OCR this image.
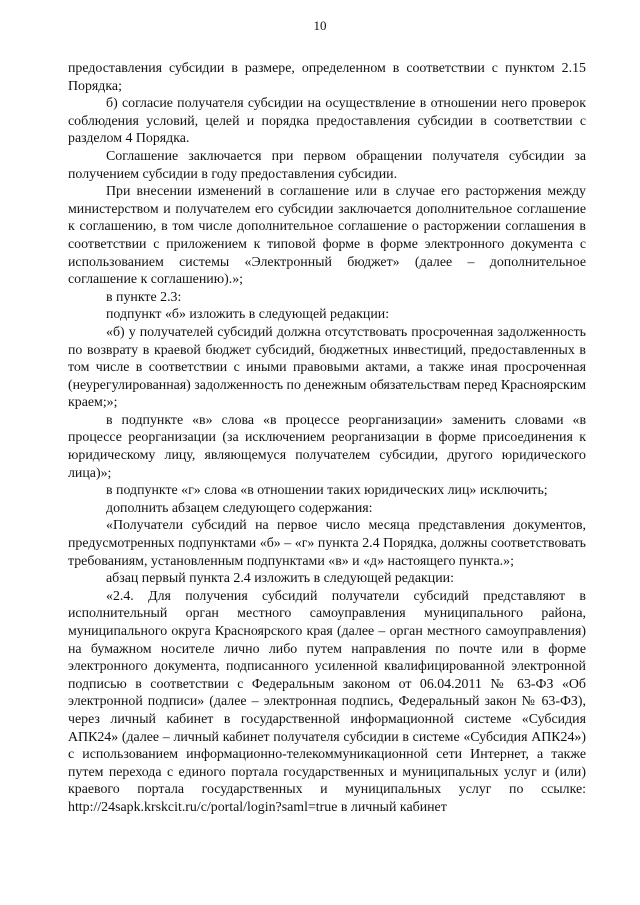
10

предоставления субсидии в размере, определенном в соответствии с пунктом 2.15 Порядка;

б) согласие получателя субсидии на осуществление в отношении него проверок соблюдения условий, целей и порядка предоставления субсидии в соответствии с разделом 4 Порядка.

Соглашение заключается при первом обращении получателя субсидии за получением субсидии в году предоставления субсидии.

При внесении изменений в соглашение или в случае его расторжения между министерством и получателем его субсидии заключается дополнительное соглашение к соглашению, в том числе дополнительное соглашение о расторжении соглашения в соответствии с приложением к типовой форме в форме электронного документа с использованием системы «Электронный бюджет» (далее – дополнительное соглашение к соглашению).»;

в пункте 2.3:

подпункт «б» изложить в следующей редакции:

«б) у получателей субсидий должна отсутствовать просроченная задолженность по возврату в краевой бюджет субсидий, бюджетных инвестиций, предоставленных в том числе в соответствии с иными правовыми актами, а также иная просроченная (неурегулированная) задолженность по денежным обязательствам перед Красноярским краем;»;

в подпункте «в» слова «в процессе реорганизации» заменить словами «в процессе реорганизации (за исключением реорганизации в форме присоединения к юридическому лицу, являющемуся получателем субсидии, другого юридического лица)»;

в подпункте «г» слова «в отношении таких юридических лиц» исключить;

дополнить абзацем следующего содержания:

«Получатели субсидий на первое число месяца представления документов, предусмотренных подпунктами «б» – «г» пункта 2.4 Порядка, должны соответствовать требованиям, установленным подпунктами «в» и «д» настоящего пункта.»;

абзац первый пункта 2.4 изложить в следующей редакции:

«2.4. Для получения субсидий получатели субсидий представляют в исполнительный орган местного самоуправления муниципального района, муниципального округа Красноярского края (далее – орган местного самоуправления) на бумажном носителе лично либо путем направления по почте или в форме электронного документа, подписанного усиленной квалифицированной электронной подписью в соответствии с Федеральным законом от 06.04.2011 № 63-ФЗ «Об электронной подписи» (далее – электронная подпись, Федеральный закон № 63-ФЗ), через личный кабинет в государственной информационной системе «Субсидия АПК24» (далее – личный кабинет получателя субсидии в системе «Субсидия АПК24») с использованием информационно-телекоммуникационной сети Интернет, а также путем перехода с единого портала государственных и муниципальных услуг и (или) краевого портала государственных и муниципальных услуг по ссылке: http://24sapk.krskcit.ru/c/portal/login?saml=true в личный кабинет
